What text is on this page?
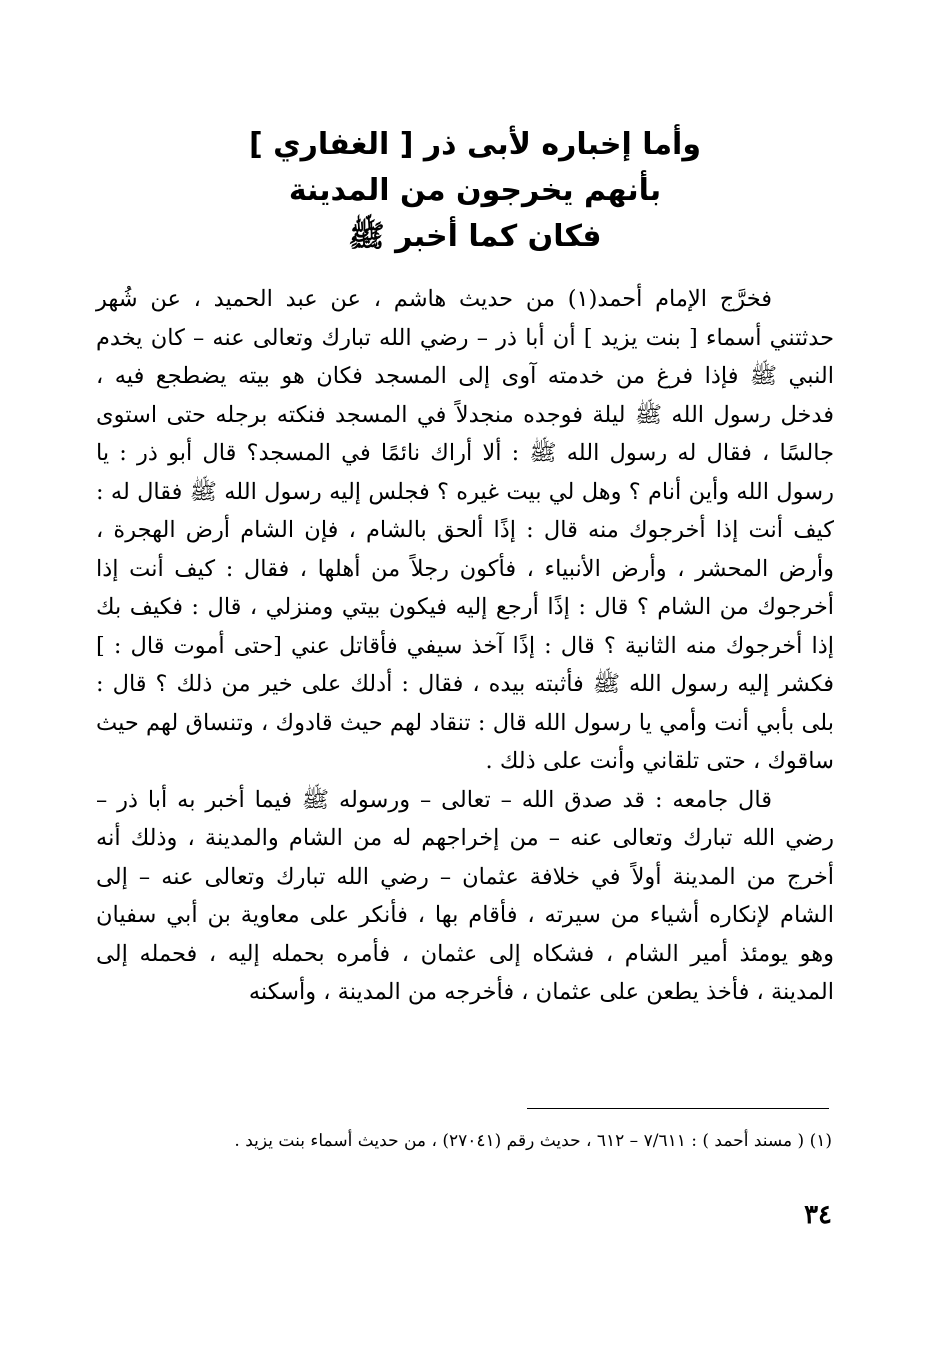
وأما إخباره لأبى ذر [ الغفاري ]
بأنهم يخرجون من المدينة
فكان كما أخبر ﷺ

فخرَّج الإمام أحمد(١) من حديث هاشم ، عن عبد الحميد ، عن شُهر حدثتني أسماء [ بنت يزيد ] أن أبا ذر – رضي الله تبارك وتعالى عنه – كان يخدم النبي ﷺ فإذا فرغ من خدمته آوى إلى المسجد فكان هو بيته يضطجع فيه ، فدخل رسول الله ﷺ ليلة فوجده منجدلاً في المسجد فنكته برجله حتى استوى جالسًا ، فقال له رسول الله ﷺ : ألا أراك نائمًا في المسجد؟ قال أبو ذر : يا رسول الله وأين أنام ؟ وهل لي بيت غيره ؟ فجلس إليه رسول الله ﷺ فقال له : كيف أنت إذا أخرجوك منه قال : إذًا ألحق بالشام ، فإن الشام أرض الهجرة ، وأرض المحشر ، وأرض الأنبياء ، فأكون رجلاً من أهلها ، فقال : كيف أنت إذا أخرجوك من الشام ؟ قال : إذًا أرجع إليه فيكون بيتي ومنزلي ، قال : فكيف بك إذا أخرجوك منه الثانية ؟ قال : إذًا آخذ سيفي فأقاتل عني [حتى أموت قال : ] فكشر إليه رسول الله ﷺ فأثبته بيده ، فقال : أدلك على خير من ذلك ؟ قال : بلى بأبي أنت وأمي يا رسول الله قال : تنقاد لهم حيث قادوك ، وتنساق لهم حيث ساقوك ، حتى تلقاني وأنت على ذلك .

قال جامعه : قد صدق الله – تعالى – ورسوله ﷺ فيما أخبر به أبا ذر – رضي الله تبارك وتعالى عنه – من إخراجهم له من الشام والمدينة ، وذلك أنه أخرج من المدينة أولاً في خلافة عثمان – رضي الله تبارك وتعالى عنه – إلى الشام لإنكاره أشياء من سيرته ، فأقام بها ، فأنكر على معاوية بن أبي سفيان وهو يومئذ أمير الشام ، فشكاه إلى عثمان ، فأمره بحمله إليه ، فحمله إلى المدينة ، فأخذ يطعن على عثمان ، فأخرجه من المدينة ، وأسكنه

(١) ( مسند أحمد ) : ٧/٦١١ – ٦١٢ ، حديث رقم (٢٧٠٤١) ، من حديث أسماء بنت يزيد .
٣٤
